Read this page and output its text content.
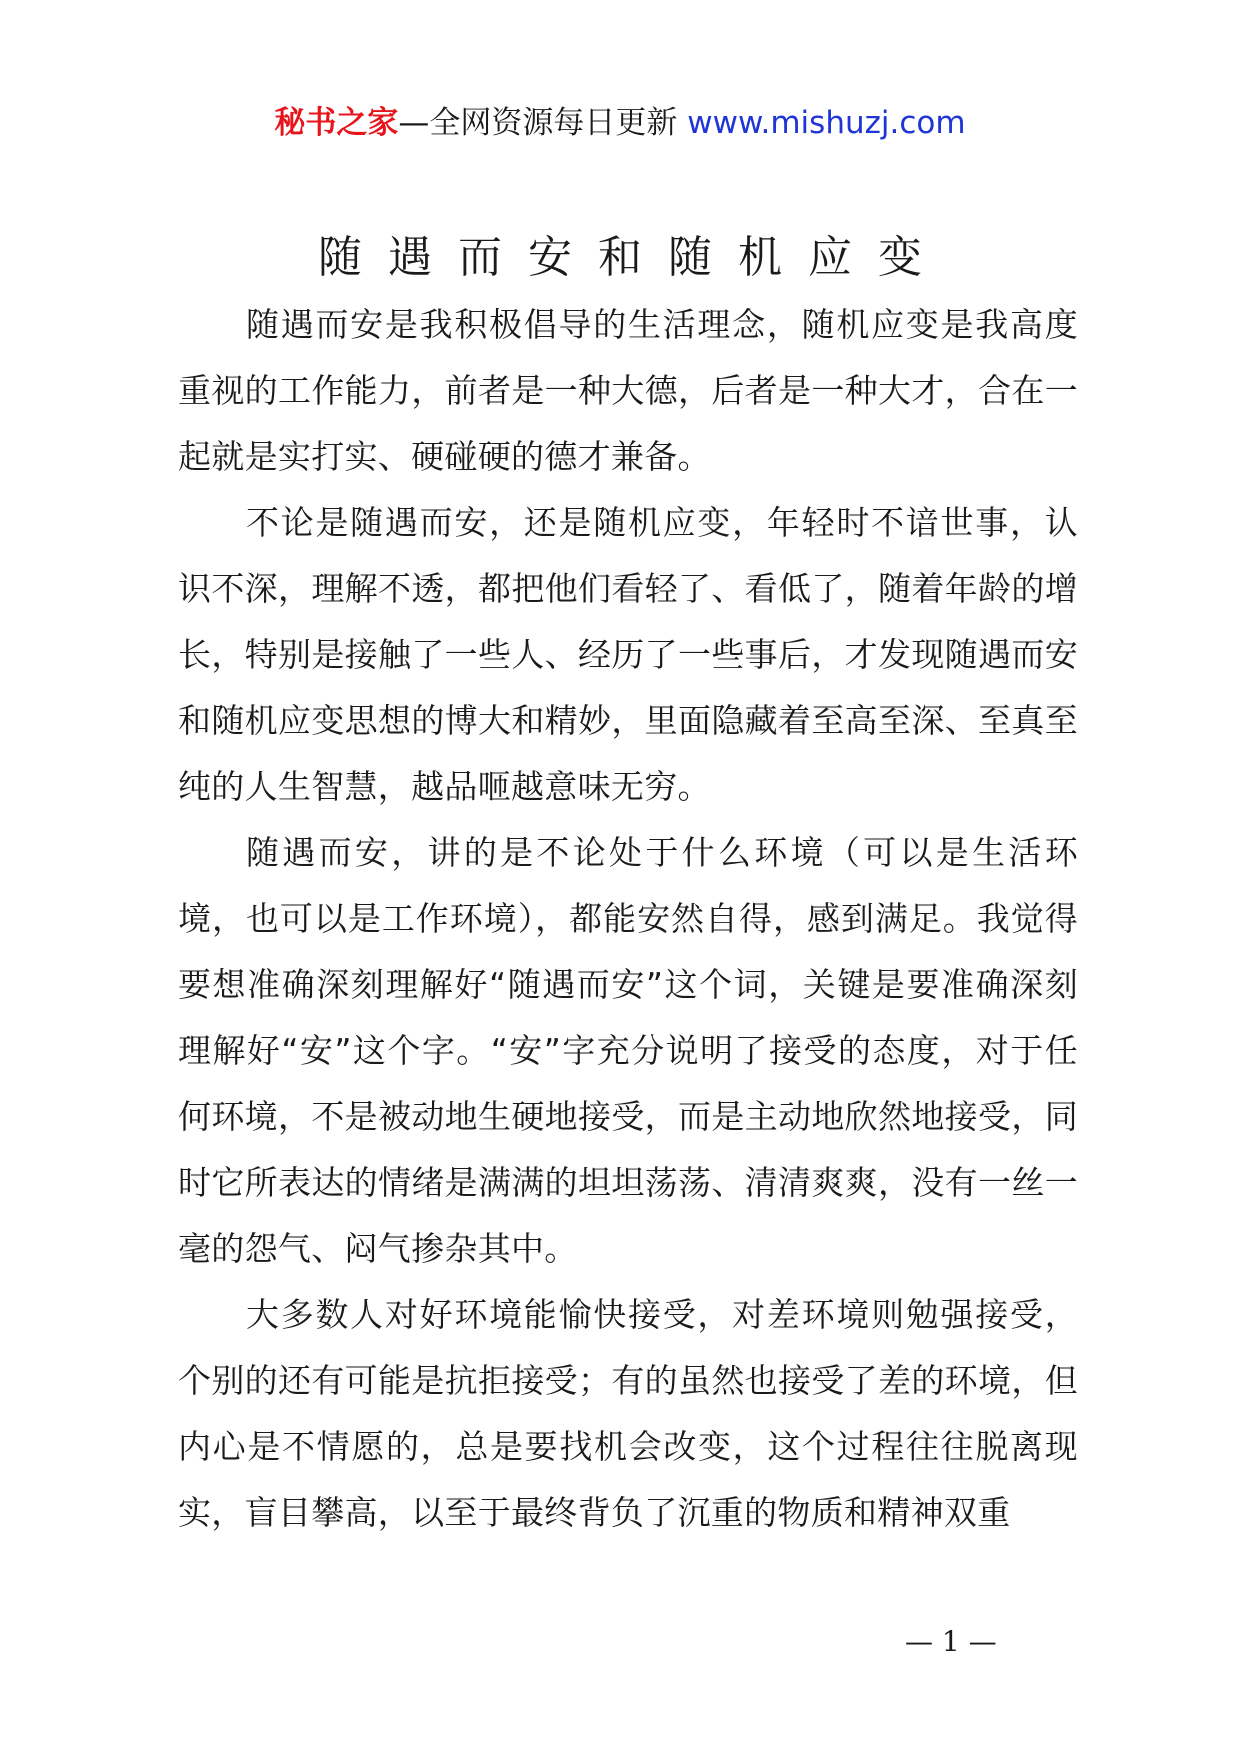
秘书之家—全网资源每日更新 www.mishuzj.com
随遇而安和随机应变

随遇而安是我积极倡导的生活理念，随机应变是我高度重视的工作能力，前者是一种大德，后者是一种大才，合在一起就是实打实、硬碰硬的德才兼备。

不论是随遇而安，还是随机应变，年轻时不谙世事，认识不深，理解不透，都把他们看轻了、看低了，随着年龄的增长，特别是接触了一些人、经历了一些事后，才发现随遇而安和随机应变思想的博大和精妙，里面隐藏着至高至深、至真至纯的人生智慧，越品咂越意味无穷。

随遇而安，讲的是不论处于什么环境（可以是生活环境，也可以是工作环境），都能安然自得，感到满足。我觉得要想准确深刻理解好“随遇而安”这个词，关键是要准确深刻理解好“安”这个字。“安”字充分说明了接受的态度，对于任何环境，不是被动地生硬地接受，而是主动地欣然地接受，同时它所表达的情绪是满满的坦坦荡荡、清清爽爽，没有一丝一毫的怨气、闷气掺杂其中。

大多数人对好环境能愉快接受，对差环境则勉强接受，个别的还有可能是抗拒接受；有的虽然也接受了差的环境，但内心是不情愿的，总是要找机会改变，这个过程往往脱离现实，盲目攀高，以至于最终背负了沉重的物质和精神双重

— 1 —
